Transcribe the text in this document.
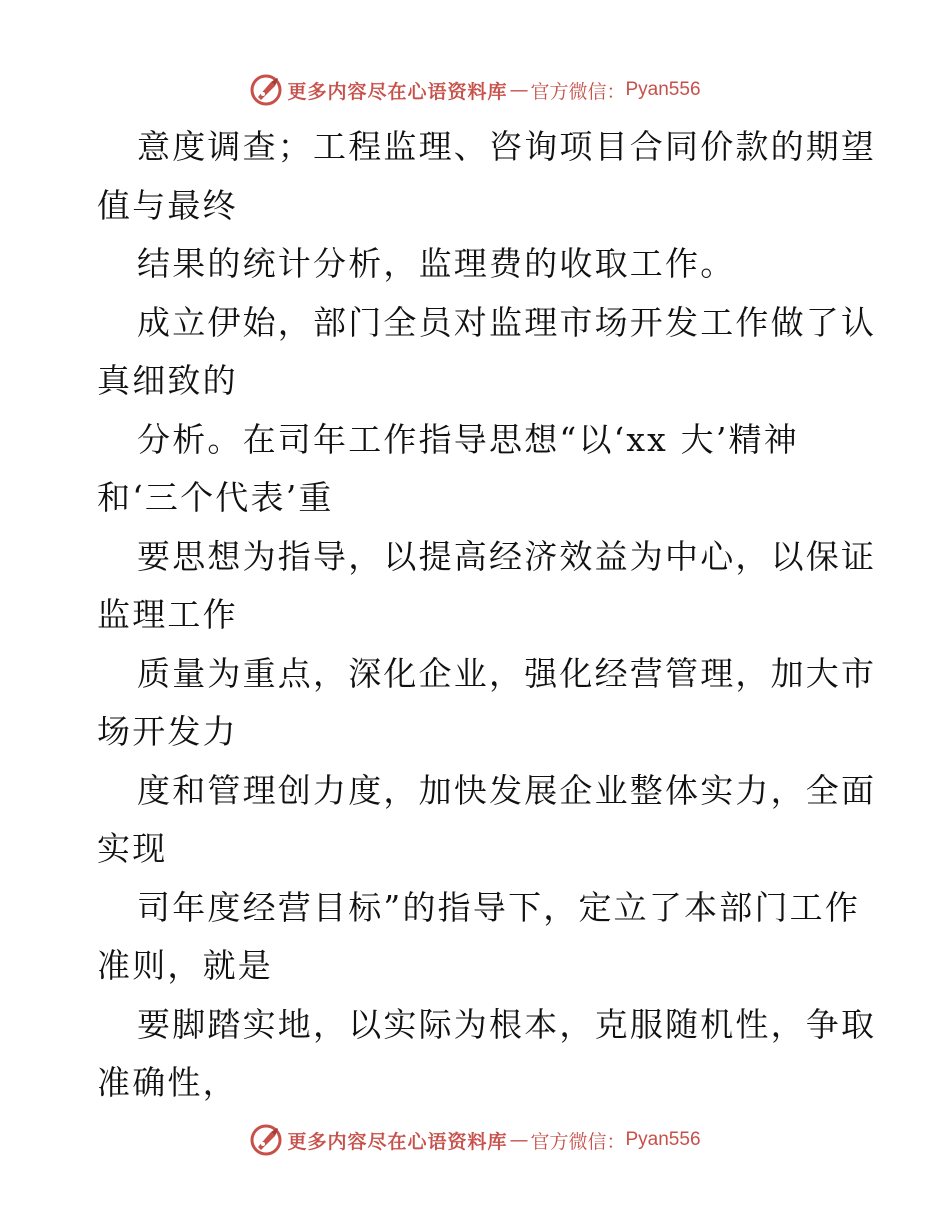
更多内容尽在心语资料库 — 官方微信： Pyan556
意度调查；工程监理、咨询项目合同价款的期望
值与最终
结果的统计分析，监理费的收取工作。
成立伊始，部门全员对监理市场开发工作做了认
真细致的
分析。在司年工作指导思想“以‘xx 大’精神
和‘三个代表’重
要思想为指导，以提高经济效益为中心，以保证
监理工作
质量为重点，深化企业，强化经营管理，加大市
场开发力
度和管理创力度，加快发展企业整体实力，全面
实现
司年度经营目标”的指导下，定立了本部门工作
准则，就是
要脚踏实地，以实际为根本，克服随机性，争取
准确性，
更多内容尽在心语资料库 — 官方微信： Pyan556
